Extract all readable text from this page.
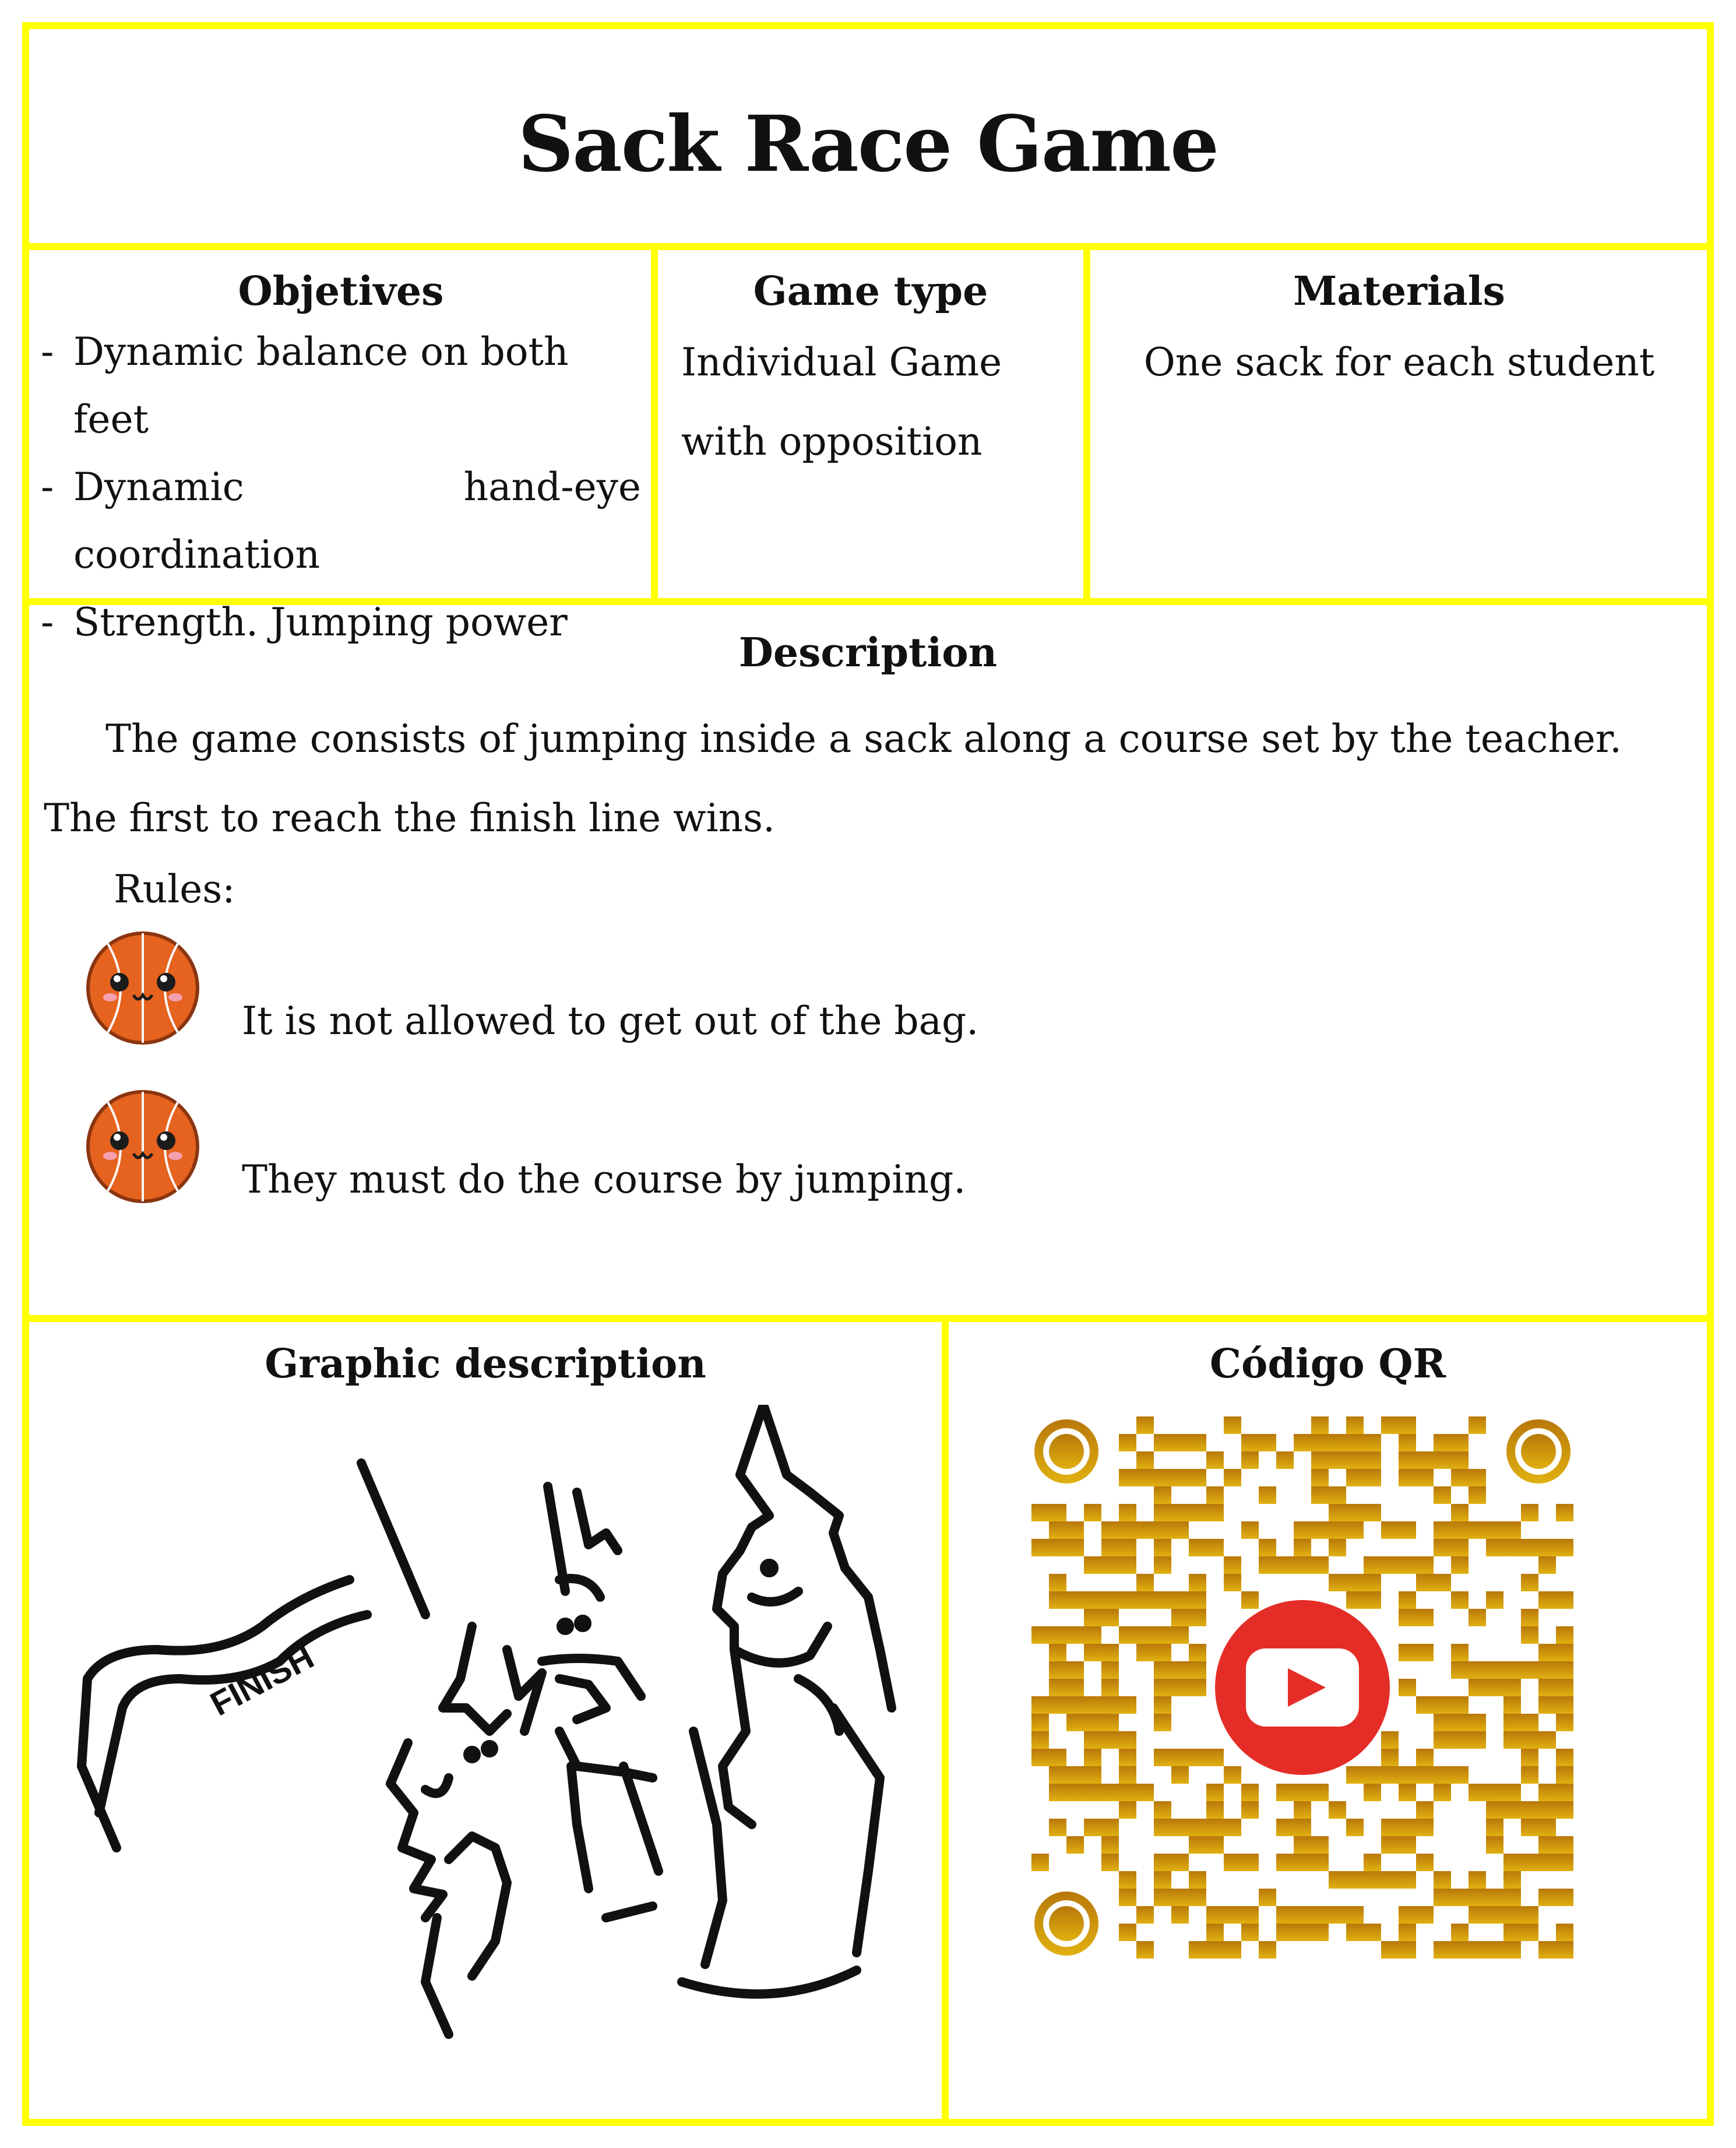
Sack Race Game
Objetives
- Dynamic balance on both feet
- Dynamic hand-eye coordination
- Strength. Jumping power
Game type
Individual Game
with opposition
Materials
One sack for each student
Description

The game consists of jumping inside a sack along a course set by the teacher. The first to reach the finish line wins.

Rules:
It is not allowed to get out of the bag.
They must do the course by jumping.
Graphic description
FINISH
Código QR
